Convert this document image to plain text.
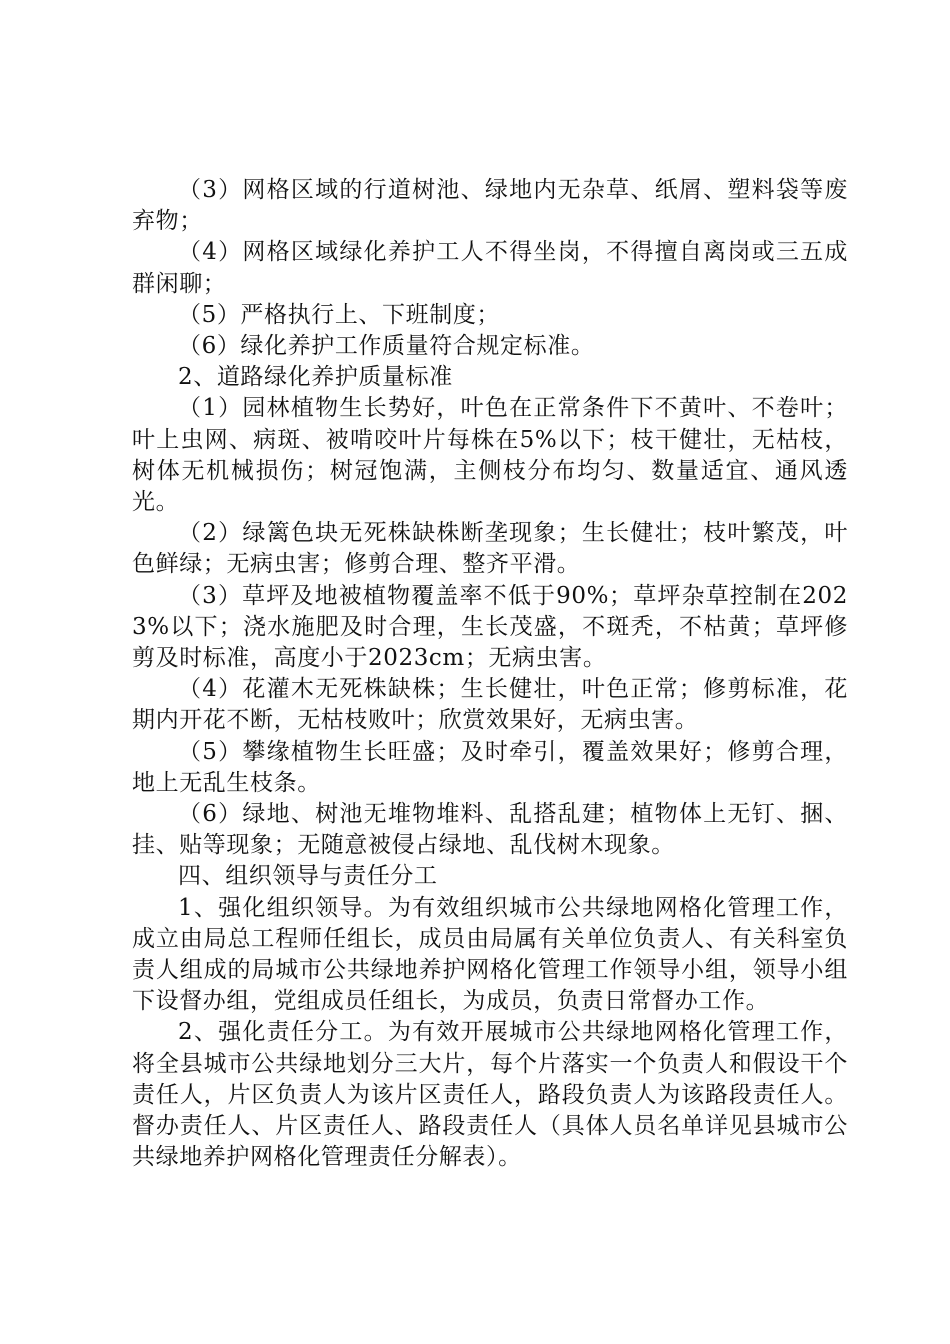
（3）网格区域的行道树池、绿地内无杂草、纸屑、塑料袋等废弃物；

（4）网格区域绿化养护工人不得坐岗，不得擅自离岗或三五成群闲聊；

（5）严格执行上、下班制度；

（6）绿化养护工作质量符合规定标准。

2、道路绿化养护质量标准

（1）园林植物生长势好，叶色在正常条件下不黄叶、不卷叶；叶上虫网、病斑、被啃咬叶片每株在5%以下；枝干健壮，无枯枝，树体无机械损伤；树冠饱满，主侧枝分布均匀、数量适宜、通风透光。

（2）绿篱色块无死株缺株断垄现象；生长健壮；枝叶繁茂，叶色鲜绿；无病虫害；修剪合理、整齐平滑。

（3）草坪及地被植物覆盖率不低于90%；草坪杂草控制在2023%以下；浇水施肥及时合理，生长茂盛，不斑秃，不枯黄；草坪修剪及时标准，高度小于2023cm；无病虫害。

（4）花灌木无死株缺株；生长健壮，叶色正常；修剪标准，花期内开花不断，无枯枝败叶；欣赏效果好，无病虫害。

（5）攀缘植物生长旺盛；及时牵引，覆盖效果好；修剪合理，地上无乱生枝条。

（6）绿地、树池无堆物堆料、乱搭乱建；植物体上无钉、捆、挂、贴等现象；无随意被侵占绿地、乱伐树木现象。

四、组织领导与责任分工

1、强化组织领导。为有效组织城市公共绿地网格化管理工作，成立由局总工程师任组长，成员由局属有关单位负责人、有关科室负责人组成的局城市公共绿地养护网格化管理工作领导小组，领导小组下设督办组，党组成员任组长，为成员，负责日常督办工作。

2、强化责任分工。为有效开展城市公共绿地网格化管理工作，将全县城市公共绿地划分三大片，每个片落实一个负责人和假设干个责任人，片区负责人为该片区责任人，路段负责人为该路段责任人。督办责任人、片区责任人、路段责任人（具体人员名单详见县城市公共绿地养护网格化管理责任分解表）。
